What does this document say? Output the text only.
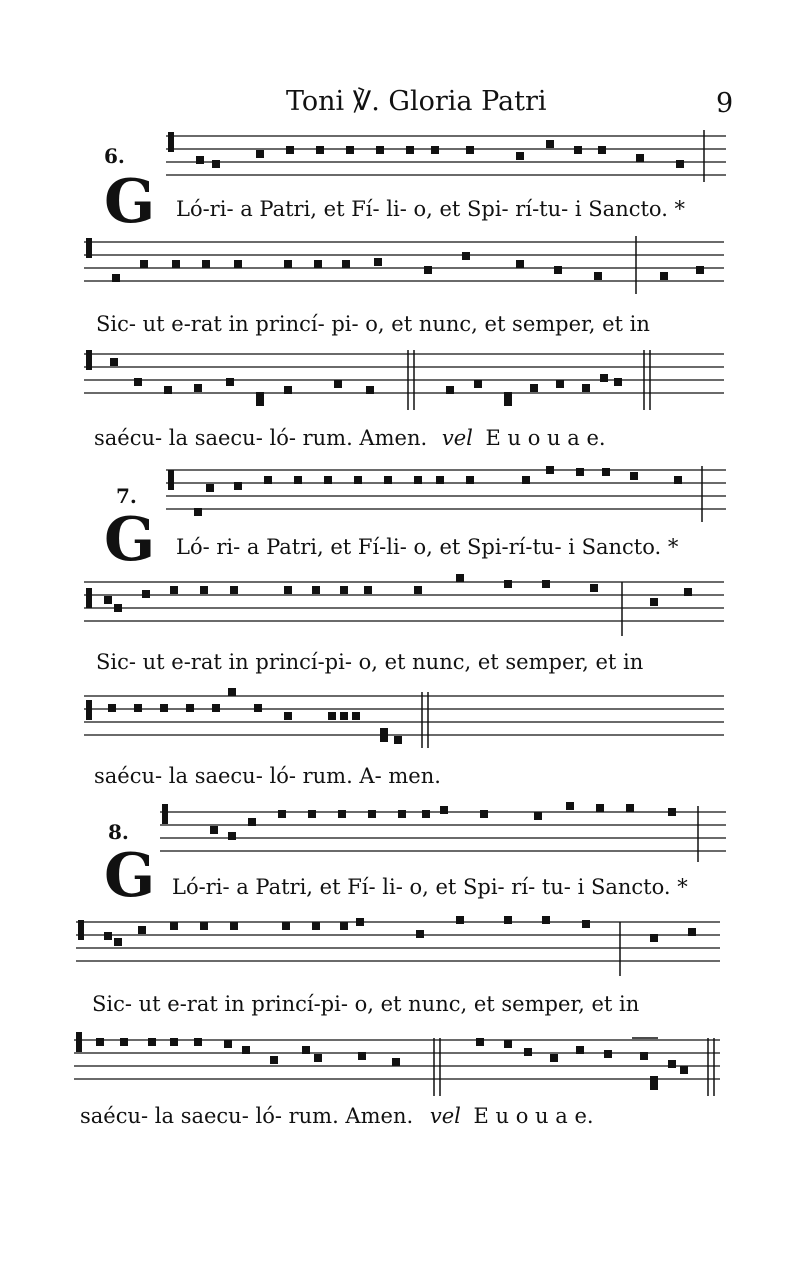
Toni ℣. Gloria Patri	9
6.
G Ló-ri- a Patri, et Fí- li- o, et Spi- rí-tu- i Sancto. *
Sic- ut e-rat in princí- pi- o, et nunc, et semper, et in
saécu- la saecu- ló- rum. Amen. vel E u o u a e.
7.
G Ló- ri- a Patri, et Fí-li- o, et Spi-rí-tu- i Sancto. *
Sic- ut e-rat in princí-pi- o, et nunc, et semper, et in
saécu- la saecu- ló- rum. A- men.
8.
G Ló-ri- a Patri, et Fí- li- o, et Spi- rí- tu- i Sancto. *
Sic- ut e-rat in princí-pi- o, et nunc, et semper, et in
saécu- la saecu- ló- rum. Amen. vel E u o u a e.
